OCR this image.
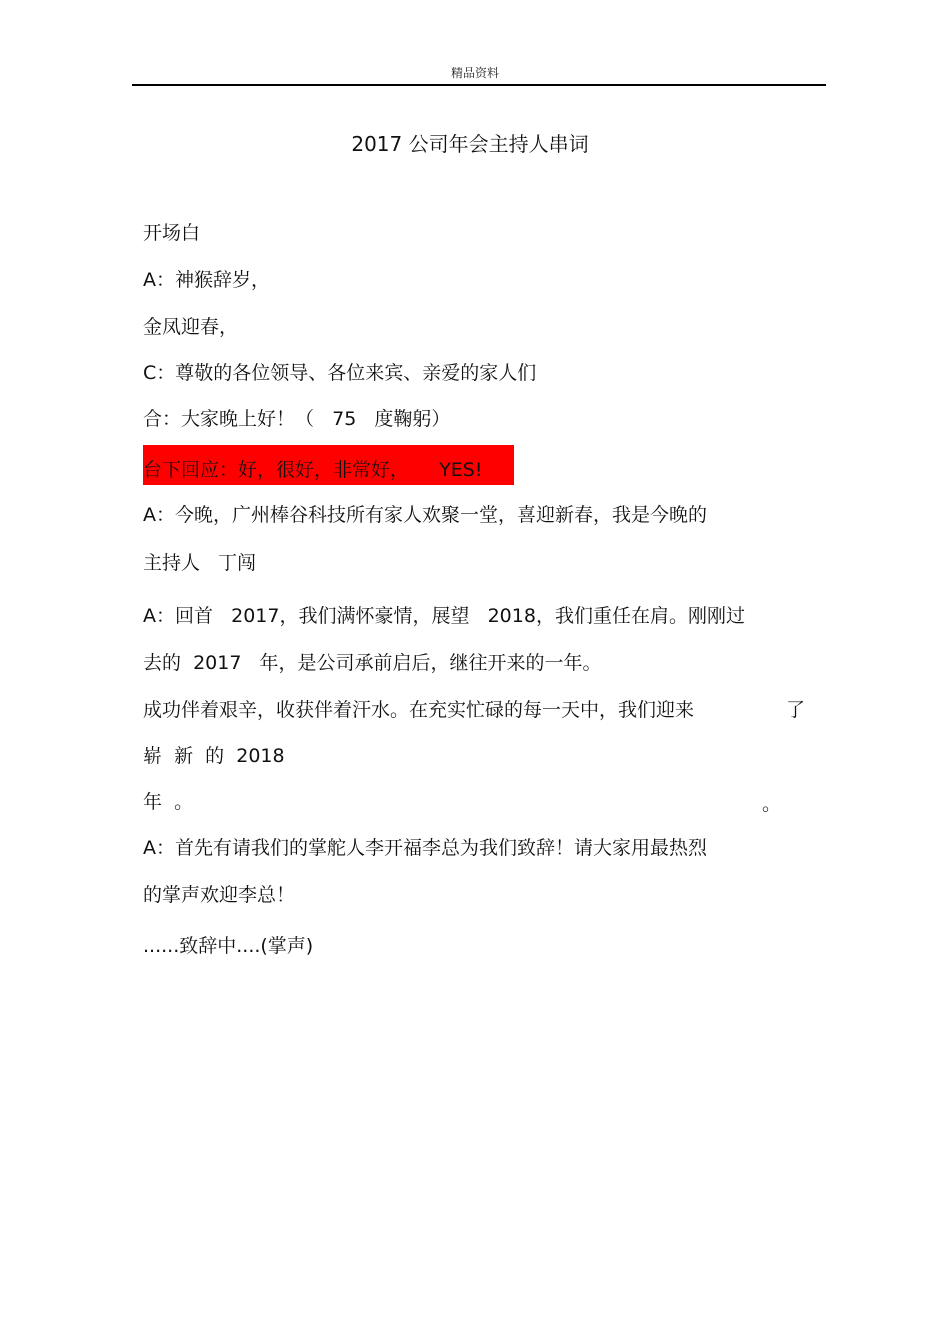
精品资料
2017 公司年会主持人串词
开场白
A：神猴辞岁，
金凤迎春，
C：尊敬的各位领导、各位来宾、亲爱的家人们
合：大家晚上好！（   75   度鞠躬）
台下回应：好，很好，非常好，     YES!
A：今晚，广州棒谷科技所有家人欢聚一堂，喜迎新春，我是今晚的
主持人   丁闯
A：回首   2017，我们满怀豪情，展望   2018，我们重任在肩。刚刚过
去的  2017   年，是公司承前启后，继往开来的一年。
成功伴着艰辛，收获伴着汗水。在充实忙碌的每一天中，我们迎来	了
崭  新  的  2018
年  。	。
A：首先有请我们的掌舵人李开福李总为我们致辞！请大家用最热烈
的掌声欢迎李总！
......致辞中....(掌声)
